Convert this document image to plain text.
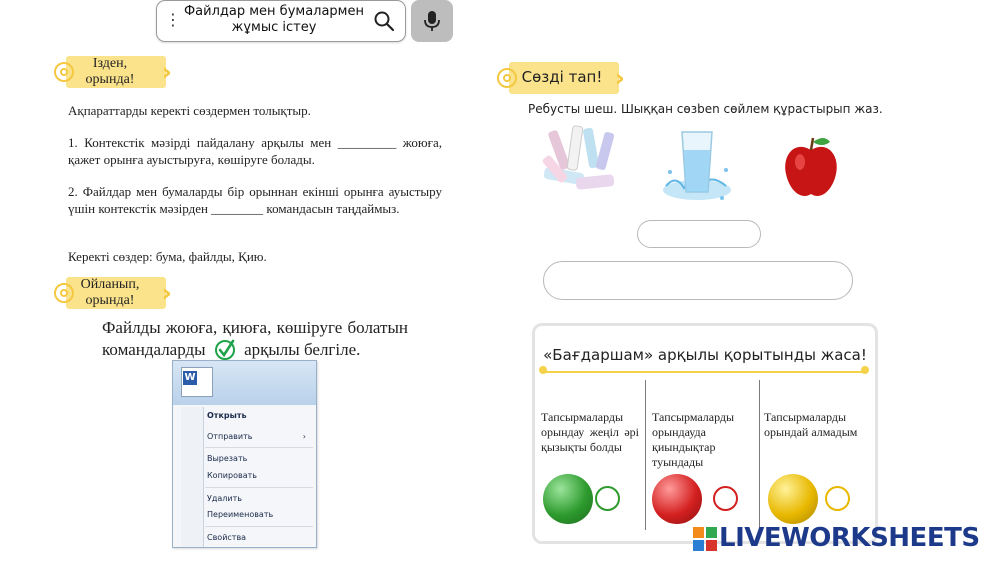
⋮ Файлдар мен бумалармен жұмыс істеу
Ізден,
орында!
Ақпараттарды керекті сөздермен толықтыр.
1. Контекстік мәзірді пайдалану арқылы мен _________ жоюға, қажет орынға ауыстыруға, көшіруге болады.
2. Файлдар мен бумаларды бір орыннан екінші орынға ауыстыру үшін контекстік мәзірден ________ командасын таңдаймыз.
Керекті сөздер: бума, файлды, Қию.
Ойланып,
орында!
Файлды жоюға, қиюға, көшіруге болатын командаларды арқылы белгіле.
W
Открыть
Отправить	›
Вырезать
Копировать
Удалить
Переименовать
Свойства
Сөзді тап!
Ребусты шеш. Шыққан сөзben сөйлем құрастырып жаз.
«Бағдаршам» арқылы қорытынды жаса!
Тапсырмаларды орындау жеңіл әрі қызықты болды
Тапсырмаларды орындауда қиындықтар туындады
Тапсырмаларды орындай алмадым
LIVEWORKSHEETS
